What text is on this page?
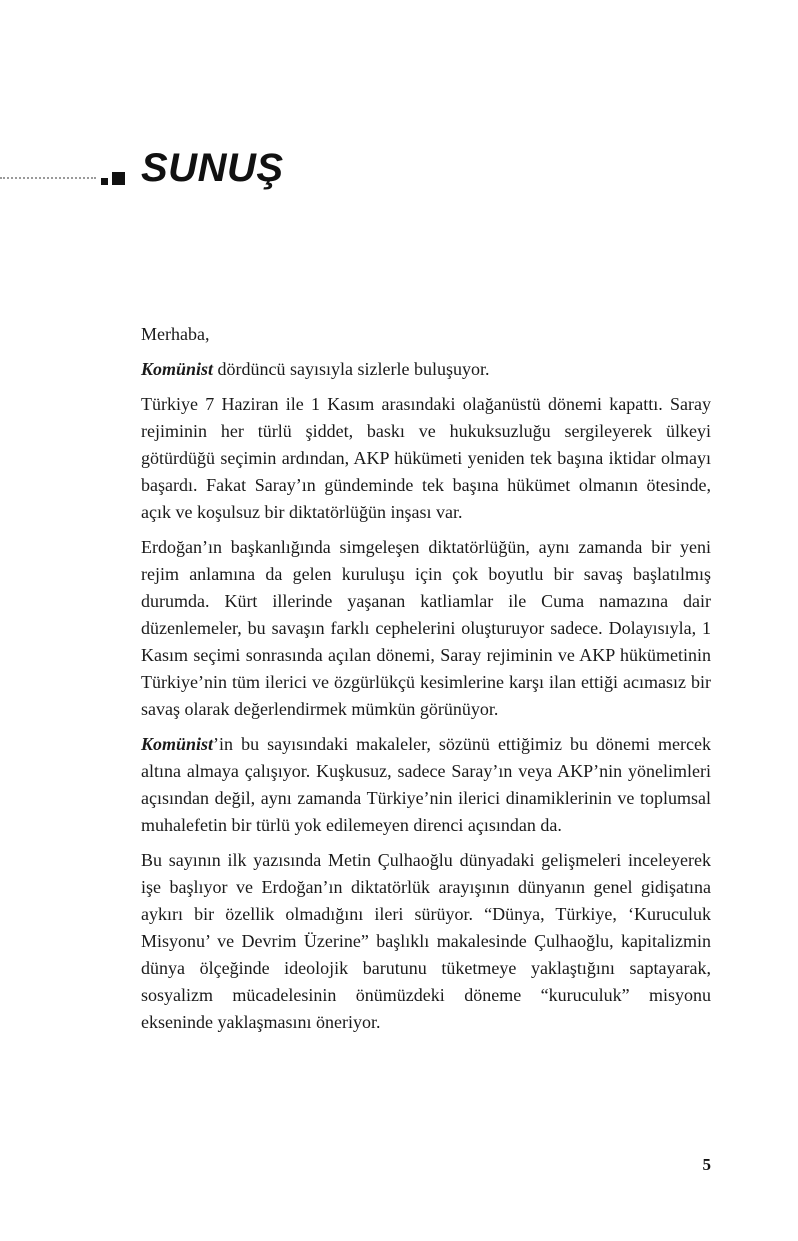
SUNUŞ

Merhaba,

Komünist dördüncü sayısıyla sizlerle buluşuyor.

Türkiye 7 Haziran ile 1 Kasım arasındaki olağanüstü dönemi kapattı. Saray rejiminin her türlü şiddet, baskı ve hukuksuzluğu sergileyerek ülkeyi götürdüğü seçimin ardından, AKP hükümeti yeniden tek başına iktidar olmayı başardı. Fakat Saray’ın gündeminde tek başına hükümet olmanın ötesinde, açık ve koşulsuz bir diktatörlüğün inşası var.

Erdoğan’ın başkanlığında simgeleşen diktatörlüğün, aynı zamanda bir yeni rejim anlamına da gelen kuruluşu için çok boyutlu bir savaş başlatılmış durumda. Kürt illerinde yaşanan katliamlar ile Cuma namazına dair düzenlemeler, bu savaşın farklı cephelerini oluşturuyor sadece. Dolayısıyla, 1 Kasım seçimi sonrasında açılan dönemi, Saray rejiminin ve AKP hükümetinin Türkiye’nin tüm ilerici ve özgürlükçü kesimlerine karşı ilan ettiği acımasız bir savaş olarak değerlendirmek mümkün görünüyor.

Komünist’in bu sayısındaki makaleler, sözünü ettiğimiz bu dönemi mercek altına almaya çalışıyor. Kuşkusuz, sadece Saray’ın veya AKP’nin yönelimleri açısından değil, aynı zamanda Türkiye’nin ilerici dinamiklerinin ve toplumsal muhalefetin bir türlü yok edilemeyen direnci açısından da.

Bu sayının ilk yazısında Metin Çulhaoğlu dünyadaki gelişmeleri inceleyerek işe başlıyor ve Erdoğan’ın diktatörlük arayışının dünyanın genel gidişatına aykırı bir özellik olmadığını ileri sürüyor. “Dünya, Türkiye, ‘Kuruculuk Misyonu’ ve Devrim Üzerine” başlıklı makalesinde Çulhaoğlu, kapitalizmin dünya ölçeğinde ideolojik barutunu tüketmeye yaklaştığını saptayarak, sosyalizm mücadelesinin önümüzdeki döneme “kuruculuk” misyonu ekseninde yaklaşmasını öneriyor.

5
